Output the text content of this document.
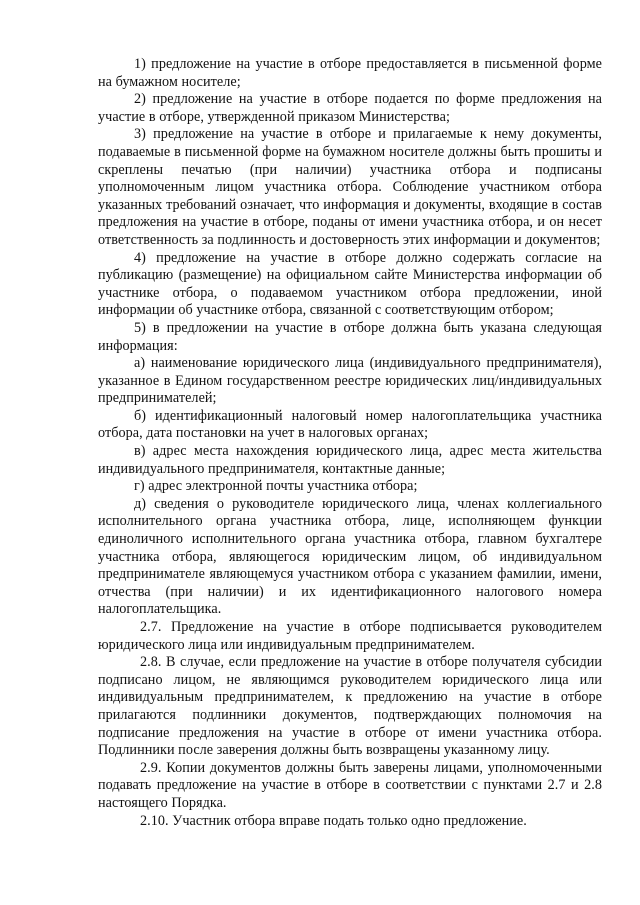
1) предложение на участие в отборе предоставляется в письменной форме на бумажном носителе;

2) предложение на участие в отборе подается по форме предложения на участие в отборе, утвержденной приказом Министерства;

3) предложение на участие в отборе и прилагаемые к нему документы, подаваемые в письменной форме на бумажном носителе должны быть прошиты и скреплены печатью (при наличии) участника отбора и подписаны уполномоченным лицом участника отбора. Соблюдение участником отбора указанных требований означает, что информация и документы, входящие в состав предложения на участие в отборе, поданы от имени участника отбора, и он несет ответственность за подлинность и достоверность этих информации и документов;

4) предложение на участие в отборе должно содержать согласие на публикацию (размещение) на официальном сайте Министерства информации об участнике отбора, о подаваемом участником отбора предложении, иной информации об участнике отбора, связанной с соответствующим отбором;

5) в предложении на участие в отборе должна быть указана следующая информация:

а) наименование юридического лица (индивидуального предпринимателя), указанное в Едином государственном реестре юридических лиц/индивидуальных предпринимателей;

б) идентификационный налоговый номер налогоплательщика участника отбора, дата постановки на учет в налоговых органах;

в) адрес места нахождения юридического лица, адрес места жительства индивидуального предпринимателя, контактные данные;

г) адрес электронной почты участника отбора;

д) сведения о руководителе юридического лица, членах коллегиального исполнительного органа участника отбора, лице, исполняющем функции единоличного исполнительного органа участника отбора, главном бухгалтере участника отбора, являющегося юридическим лицом, об индивидуальном предпринимателе являющемуся участником отбора с указанием фамилии, имени, отчества (при наличии) и их идентификационного налогового номера налогоплательщика.

2.7. Предложение на участие в отборе подписывается руководителем юридического лица или индивидуальным предпринимателем.

2.8. В случае, если предложение на участие в отборе получателя субсидии подписано лицом, не являющимся руководителем юридического лица или индивидуальным предпринимателем, к предложению на участие в отборе прилагаются подлинники документов, подтверждающих полномочия на подписание предложения на участие в отборе от имени участника отбора. Подлинники после заверения должны быть возвращены указанному лицу.

2.9. Копии документов должны быть заверены лицами, уполномоченными подавать предложение на участие в отборе в соответствии с пунктами 2.7 и 2.8 настоящего Порядка.

2.10. Участник отбора вправе подать только одно предложение.
